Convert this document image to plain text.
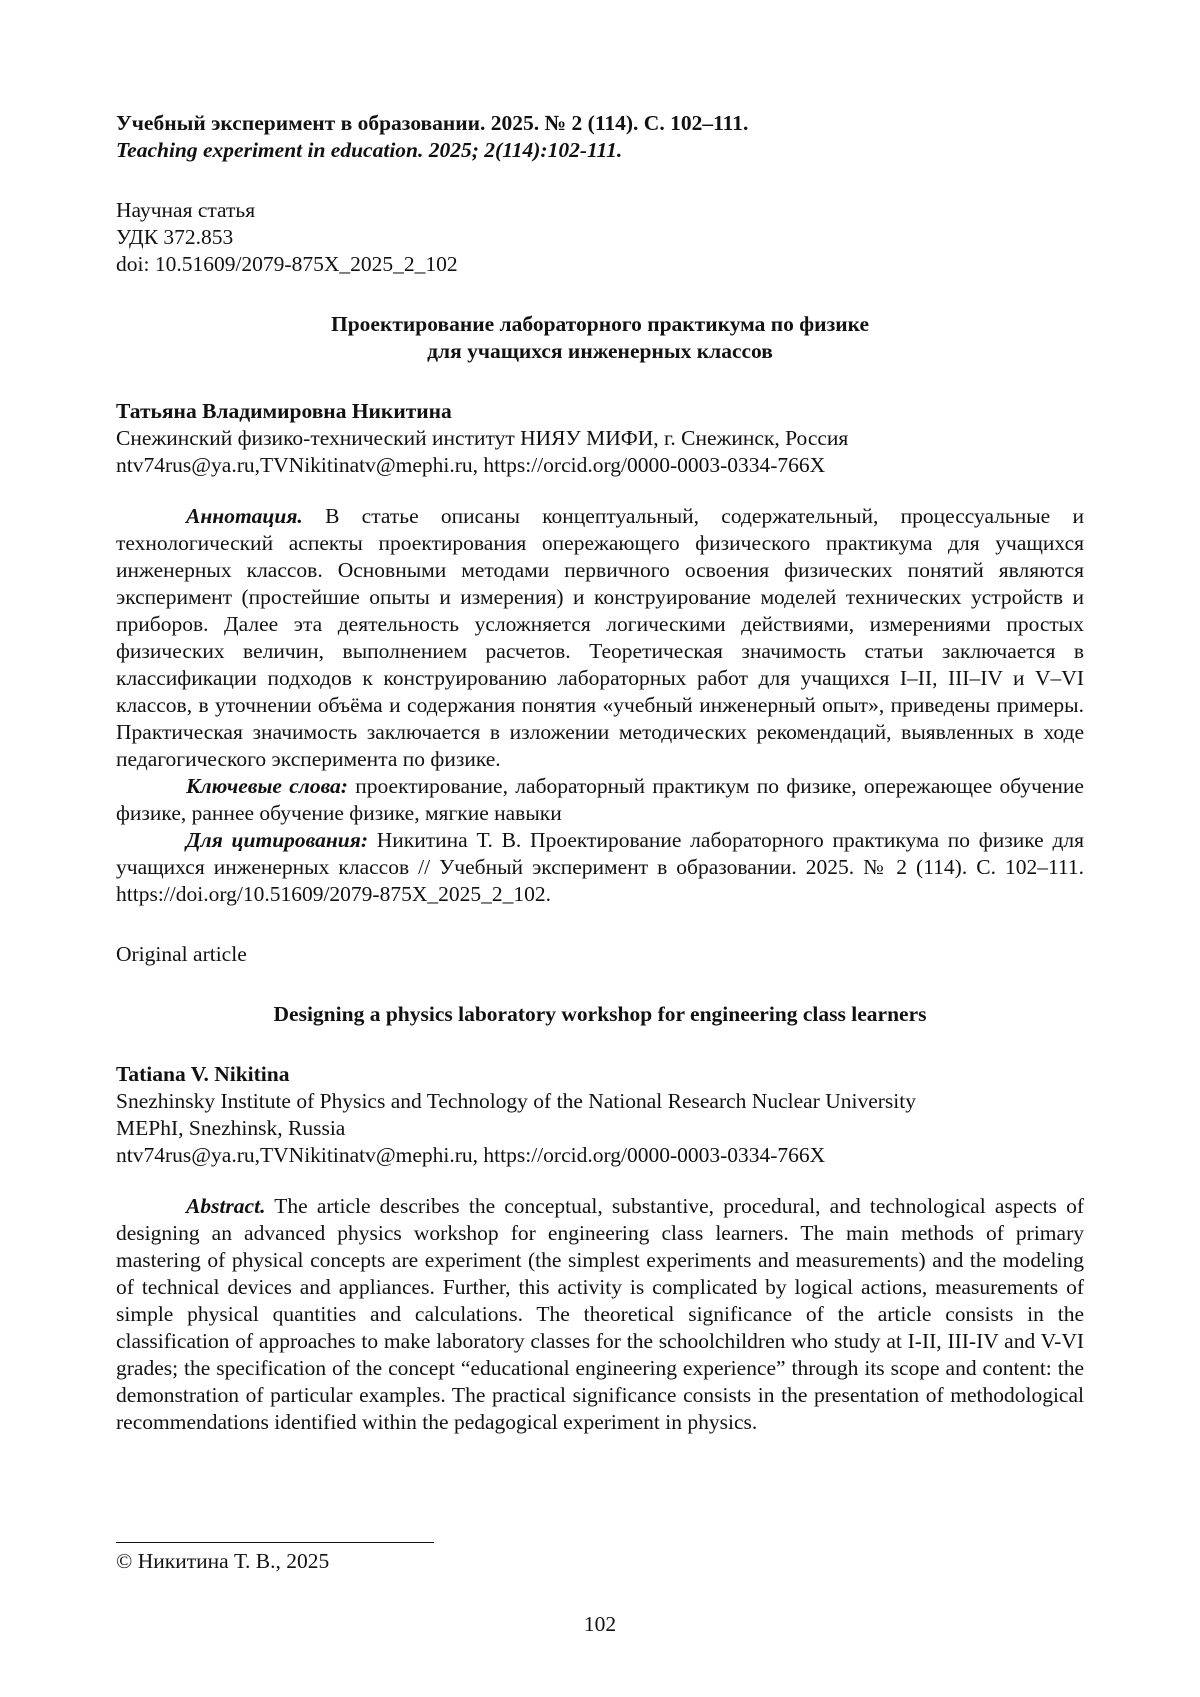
Учебный эксперимент в образовании. 2025. № 2 (114). С. 102–111.

Teaching experiment in education. 2025; 2(114):102-111.

Научная статья

УДК 372.853

doi: 10.51609/2079-875X_2025_2_102

Проектирование лабораторного практикума по физике

для учащихся инженерных классов

Татьяна Владимировна Никитина

Снежинский физико-технический институт НИЯУ МИФИ, г. Снежинск, Россия

ntv74rus@ya.ru,TVNikitinatv@mephi.ru, https://orcid.org/0000-0003-0334-766X

Аннотация. В статье описаны концептуальный, содержательный, процессуальные и технологический аспекты проектирования опережающего физического практикума для учащихся инженерных классов. Основными методами первичного освоения физических понятий являются эксперимент (простейшие опыты и измерения) и конструирование моделей технических устройств и приборов. Далее эта деятельность усложняется логическими действиями, измерениями простых физических величин, выполнением расчетов. Теоретическая значимость статьи заключается в классификации подходов к конструированию лабораторных работ для учащихся I–II, III–IV и V–VI классов, в уточнении объёма и содержания понятия «учебный инженерный опыт», приведены примеры. Практическая значимость заключается в изложении методических рекомендаций, выявленных в ходе педагогического эксперимента по физике.

Ключевые слова: проектирование, лабораторный практикум по физике, опережающее обучение физике, раннее обучение физике, мягкие навыки

Для цитирования: Никитина Т. В. Проектирование лабораторного практикума по физике для учащихся инженерных классов // Учебный эксперимент в образовании. 2025. № 2 (114). С. 102–111. https://doi.org/10.51609/2079-875X_2025_2_102.

Original article

Designing a physics laboratory workshop for engineering class learners

Tatiana V. Nikitina

Snezhinsky Institute of Physics and Technology of the National Research Nuclear University

MEPhI, Snezhinsk, Russia

ntv74rus@ya.ru,TVNikitinatv@mephi.ru, https://orcid.org/0000-0003-0334-766X

Abstract. The article describes the conceptual, substantive, procedural, and technological aspects of designing an advanced physics workshop for engineering class learners. The main methods of primary mastering of physical concepts are experiment (the simplest experiments and measurements) and the modeling of technical devices and appliances. Further, this activity is complicated by logical actions, measurements of simple physical quantities and calculations. The theoretical significance of the article consists in the classification of approaches to make laboratory classes for the schoolchildren who study at I-II, III-IV and V-VI grades; the specification of the concept “educational engineering experience” through its scope and content: the demonstration of particular examples. The practical significance consists in the presentation of methodological recommendations identified within the pedagogical experiment in physics.

© Никитина Т. В., 2025

102
